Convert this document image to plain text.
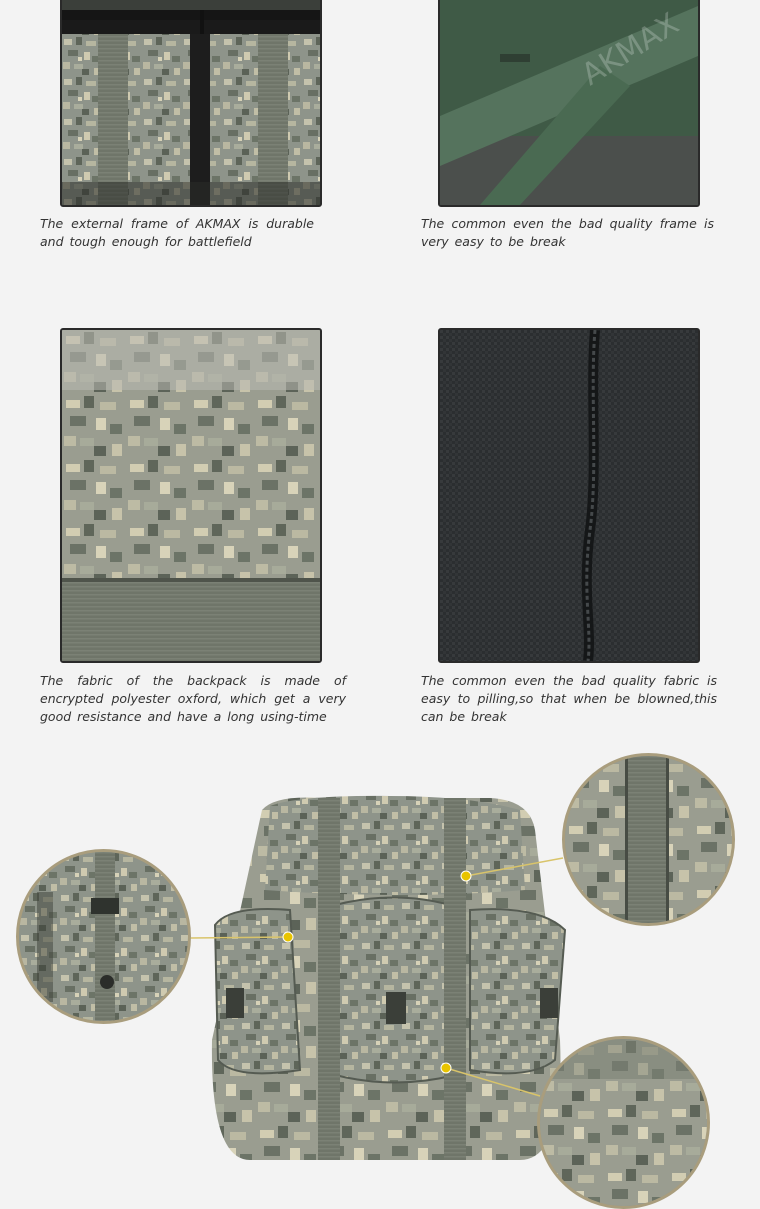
AKMAX

The external frame of AKMAX is durable and tough enough for battlefield

The common even the bad quality frame is very easy to be break

The fabric of the backpack is made of encrypted polyester oxford, which get a very good resistance and have a long using-time

The common even the bad quality fabric is easy to pilling,so that when be blowned,this can be break
